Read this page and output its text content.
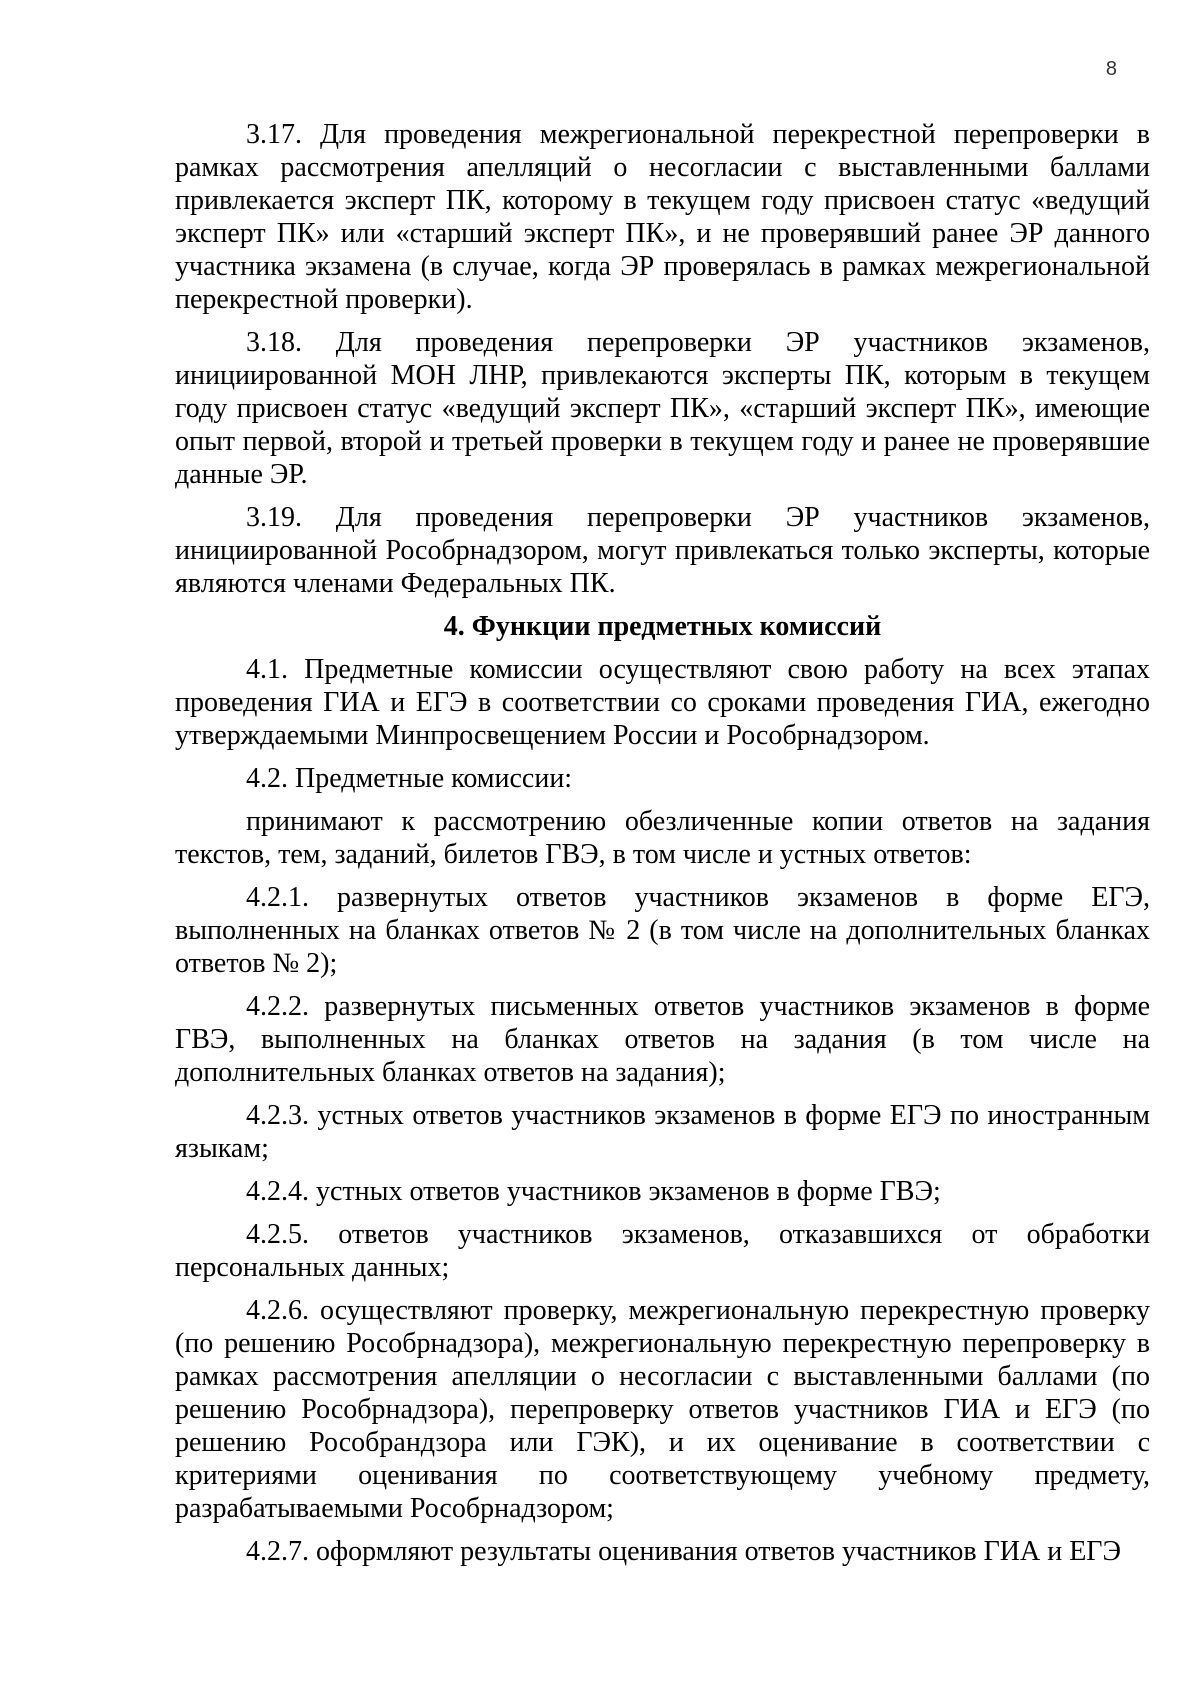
8

3.17. Для проведения межрегиональной перекрестной перепроверки в рамках рассмотрения апелляций о несогласии с выставленными баллами привлекается эксперт ПК, которому в текущем году присвоен статус «ведущий эксперт ПК» или «старший эксперт ПК», и не проверявший ранее ЭР данного участника экзамена (в случае, когда ЭР проверялась в рамках межрегиональной перекрестной проверки).

3.18. Для проведения перепроверки ЭР участников экзаменов, инициированной МОН ЛНР, привлекаются эксперты ПК, которым в текущем году присвоен статус «ведущий эксперт ПК», «старший эксперт ПК», имеющие опыт первой, второй и третьей проверки в текущем году и ранее не проверявшие данные ЭР.

3.19. Для проведения перепроверки ЭР участников экзаменов, инициированной Рособрнадзором, могут привлекаться только эксперты, которые являются членами Федеральных ПК.

4. Функции предметных комиссий

4.1. Предметные комиссии осуществляют свою работу на всех этапах проведения ГИА и ЕГЭ в соответствии со сроками проведения ГИА, ежегодно утверждаемыми Минпросвещением России и Рособрнадзором.

4.2. Предметные комиссии:

принимают к рассмотрению обезличенные копии ответов на задания текстов, тем, заданий, билетов ГВЭ, в том числе и устных ответов:

4.2.1. развернутых ответов участников экзаменов в форме ЕГЭ, выполненных на бланках ответов № 2 (в том числе на дополнительных бланках ответов № 2);

4.2.2. развернутых письменных ответов участников экзаменов в форме ГВЭ, выполненных на бланках ответов на задания (в том числе на дополнительных бланках ответов на задания);

4.2.3. устных ответов участников экзаменов в форме ЕГЭ по иностранным языкам;

4.2.4. устных ответов участников экзаменов в форме ГВЭ;

4.2.5. ответов участников экзаменов, отказавшихся от обработки персональных данных;

4.2.6. осуществляют проверку, межрегиональную перекрестную проверку (по решению Рособрнадзора), межрегиональную перекрестную перепроверку в рамках рассмотрения апелляции о несогласии с выставленными баллами (по решению Рособрнадзора), перепроверку ответов участников ГИА и ЕГЭ (по решению Рособрандзора или ГЭК), и их оценивание в соответствии с критериями оценивания по соответствующему учебному предмету, разрабатываемыми Рособрнадзором;

4.2.7. оформляют результаты оценивания ответов участников ГИА и ЕГЭ
